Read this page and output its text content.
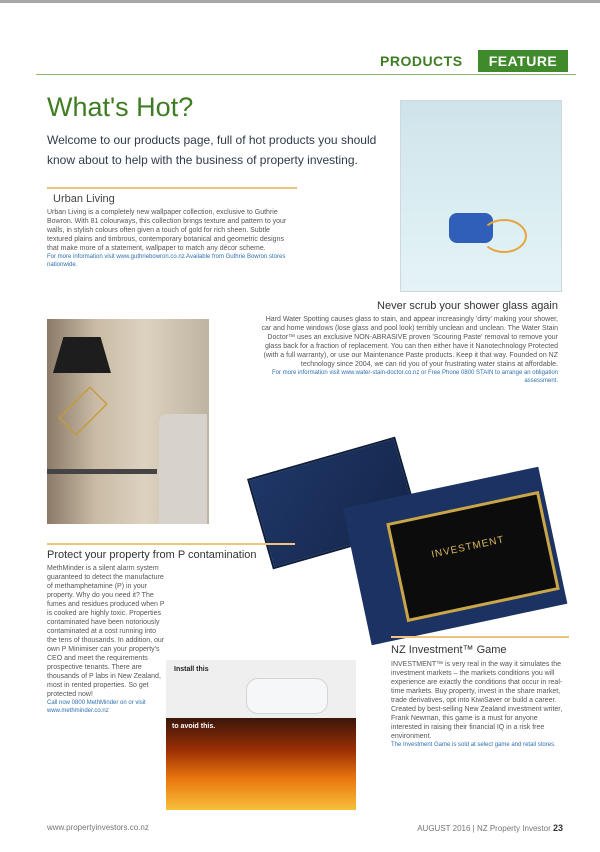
PRODUCTS	FEATURE
What's Hot?
Welcome to our products page, full of hot products you should know about to help with the business of property investing.
Urban Living
Urban Living is a completely new wallpaper collection, exclusive to Guthrie Bowron. With 81 colourways, this collection brings texture and pattern to your walls, in stylish colours often given a touch of gold for rich sheen. Subtle textured plains and timbrous, contemporary botanical and geometric designs that make more of a statement, wallpaper to match any décor scheme.
For more information visit www.guthriebowron.co.nz Available from Guthrie Bowron stores nationwide.
Never scrub your shower glass again
Hard Water Spotting causes glass to stain, and appear increasingly 'dirty' making your shower, car and home windows (lose glass and pool look) terribly unclean and unclean. The Water Stain Doctor™ uses an exclusive NON-ABRASIVE proven 'Scouring Paste' removal to remove your glass back for a fraction of replacement. You can then either have it Nanotechnology Protected (with a full warranty), or use our Maintenance Paste products. Keep it that way. Founded on NZ technology since 2004, we can rid you of your frustrating water stains at affordable.
For more information visit www.water-stain-doctor.co.nz or Free Phone 0800 STAIN to arrange an obligation assessment.
INVESTMENT
Protect your property from P contamination
MethMinder is a silent alarm system guaranteed to detect the manufacture of methamphetamine (P) in your property. Why do you need it? The fumes and residues produced when P is cooked are highly toxic. Properties contaminated have been notoriously contaminated at a cost running into the tens of thousands. In addition, our own P Minimiser can your property's CEO and meet the requirements prospective tenants. There are thousands of P labs in New Zealand, most in rented properties. So get protected now!
Call now 0800 MethMinder on or visit www.methminder.co.nz
Install this
to avoid this.
NZ Investment™ Game
INVESTMENT™ is very real in the way it simulates the investment markets – the markets conditions you will experience are exactly the conditions that occur in real-time markets. Buy property, invest in the share market, trade derivatives, opt into KiwiSaver or build a career. Created by best-selling New Zealand investment writer, Frank Newman, this game is a must for anyone interested in raising their financial IQ in a risk free environment.
The Investment Game is sold at select game and retail stores.
www.propertyinvestors.co.nz	AUGUST 2016 | NZ Property Investor 23
